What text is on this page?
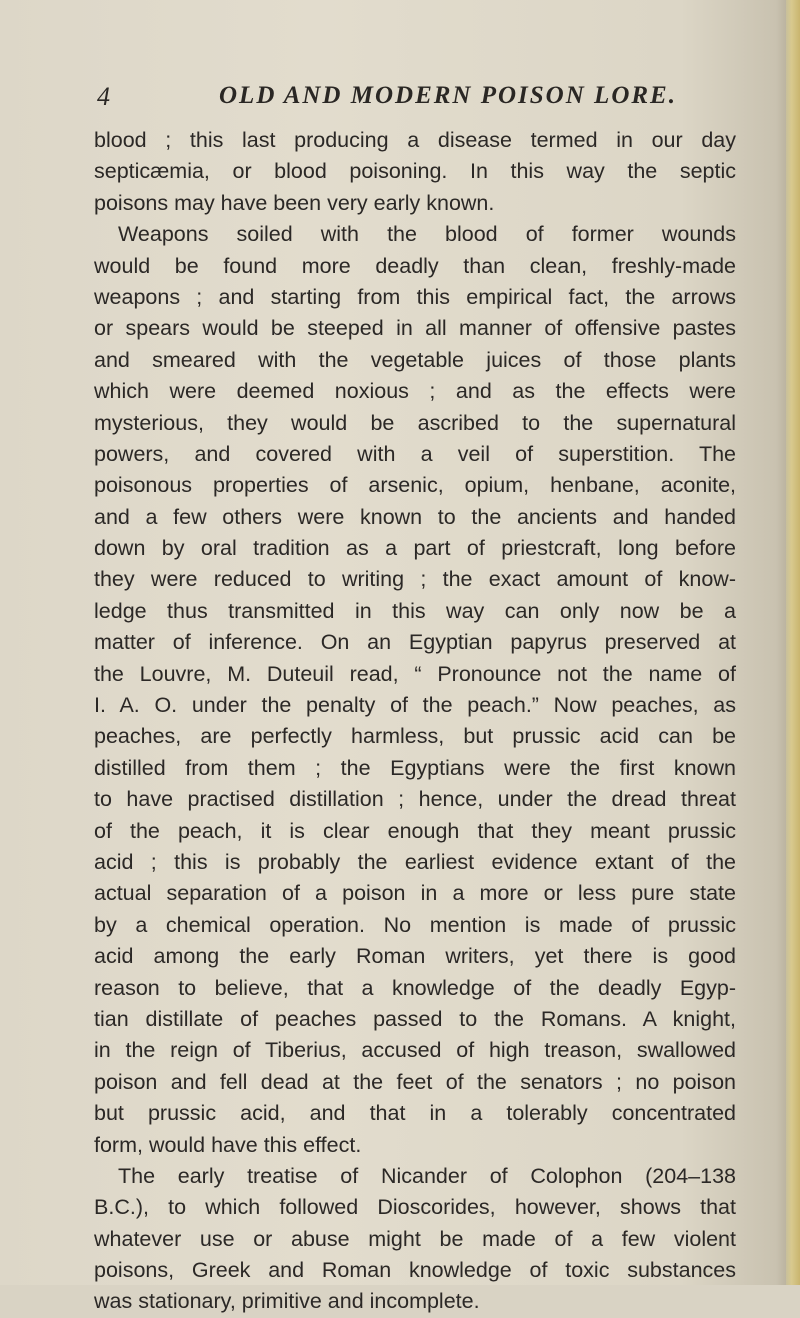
4	OLD AND MODERN POISON LORE.
blood ; this last producing a disease termed in our day
septicæmia, or blood poisoning. In this way the septic
poisons may have been very early known.
Weapons soiled with the blood of former wounds
would be found more deadly than clean, freshly-made
weapons ; and starting from this empirical fact, the arrows
or spears would be steeped in all manner of offensive pastes
and smeared with the vegetable juices of those plants
which were deemed noxious ; and as the effects were
mysterious, they would be ascribed to the supernatural
powers, and covered with a veil of superstition. The
poisonous properties of arsenic, opium, henbane, aconite,
and a few others were known to the ancients and handed
down by oral tradition as a part of priestcraft, long before
they were reduced to writing ; the exact amount of know-
ledge thus transmitted in this way can only now be a
matter of inference. On an Egyptian papyrus preserved at
the Louvre, M. Duteuil read, “ Pronounce not the name of
I. A. O. under the penalty of the peach.” Now peaches, as
peaches, are perfectly harmless, but prussic acid can be
distilled from them ; the Egyptians were the first known
to have practised distillation ; hence, under the dread threat
of the peach, it is clear enough that they meant prussic
acid ; this is probably the earliest evidence extant of the
actual separation of a poison in a more or less pure state
by a chemical operation. No mention is made of prussic
acid among the early Roman writers, yet there is good
reason to believe, that a knowledge of the deadly Egyp-
tian distillate of peaches passed to the Romans. A knight,
in the reign of Tiberius, accused of high treason, swallowed
poison and fell dead at the feet of the senators ; no poison
but prussic acid, and that in a tolerably concentrated
form, would have this effect.
The early treatise of Nicander of Colophon (204–138
B.C.), to which followed Dioscorides, however, shows that
whatever use or abuse might be made of a few violent
poisons, Greek and Roman knowledge of toxic substances
was stationary, primitive and incomplete.
